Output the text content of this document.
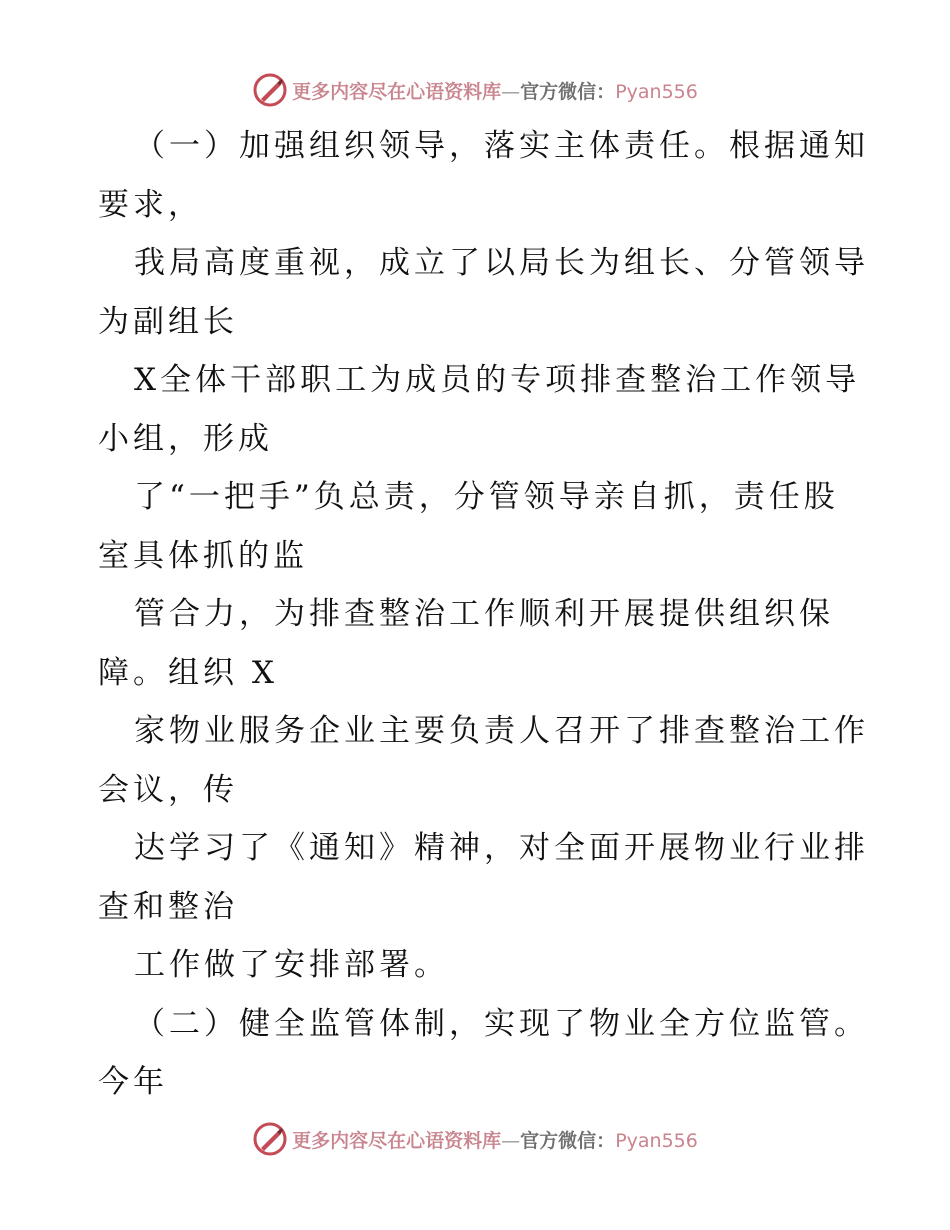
更多内容尽在心语资料库—官方微信：Pyan556
（一）加强组织领导，落实主体责任。根据通知
要求，
我局高度重视，成立了以局长为组长、分管领导
为副组长
X全体干部职工为成员的专项排查整治工作领导
小组，形成
了“一把手”负总责，分管领导亲自抓，责任股
室具体抓的监
管合力，为排查整治工作顺利开展提供组织保
障。组织 X
家物业服务企业主要负责人召开了排查整治工作
会议，传
达学习了《通知》精神，对全面开展物业行业排
查和整治
工作做了安排部署。
（二）健全监管体制，实现了物业全方位监管。
今年
更多内容尽在心语资料库—官方微信：Pyan556
